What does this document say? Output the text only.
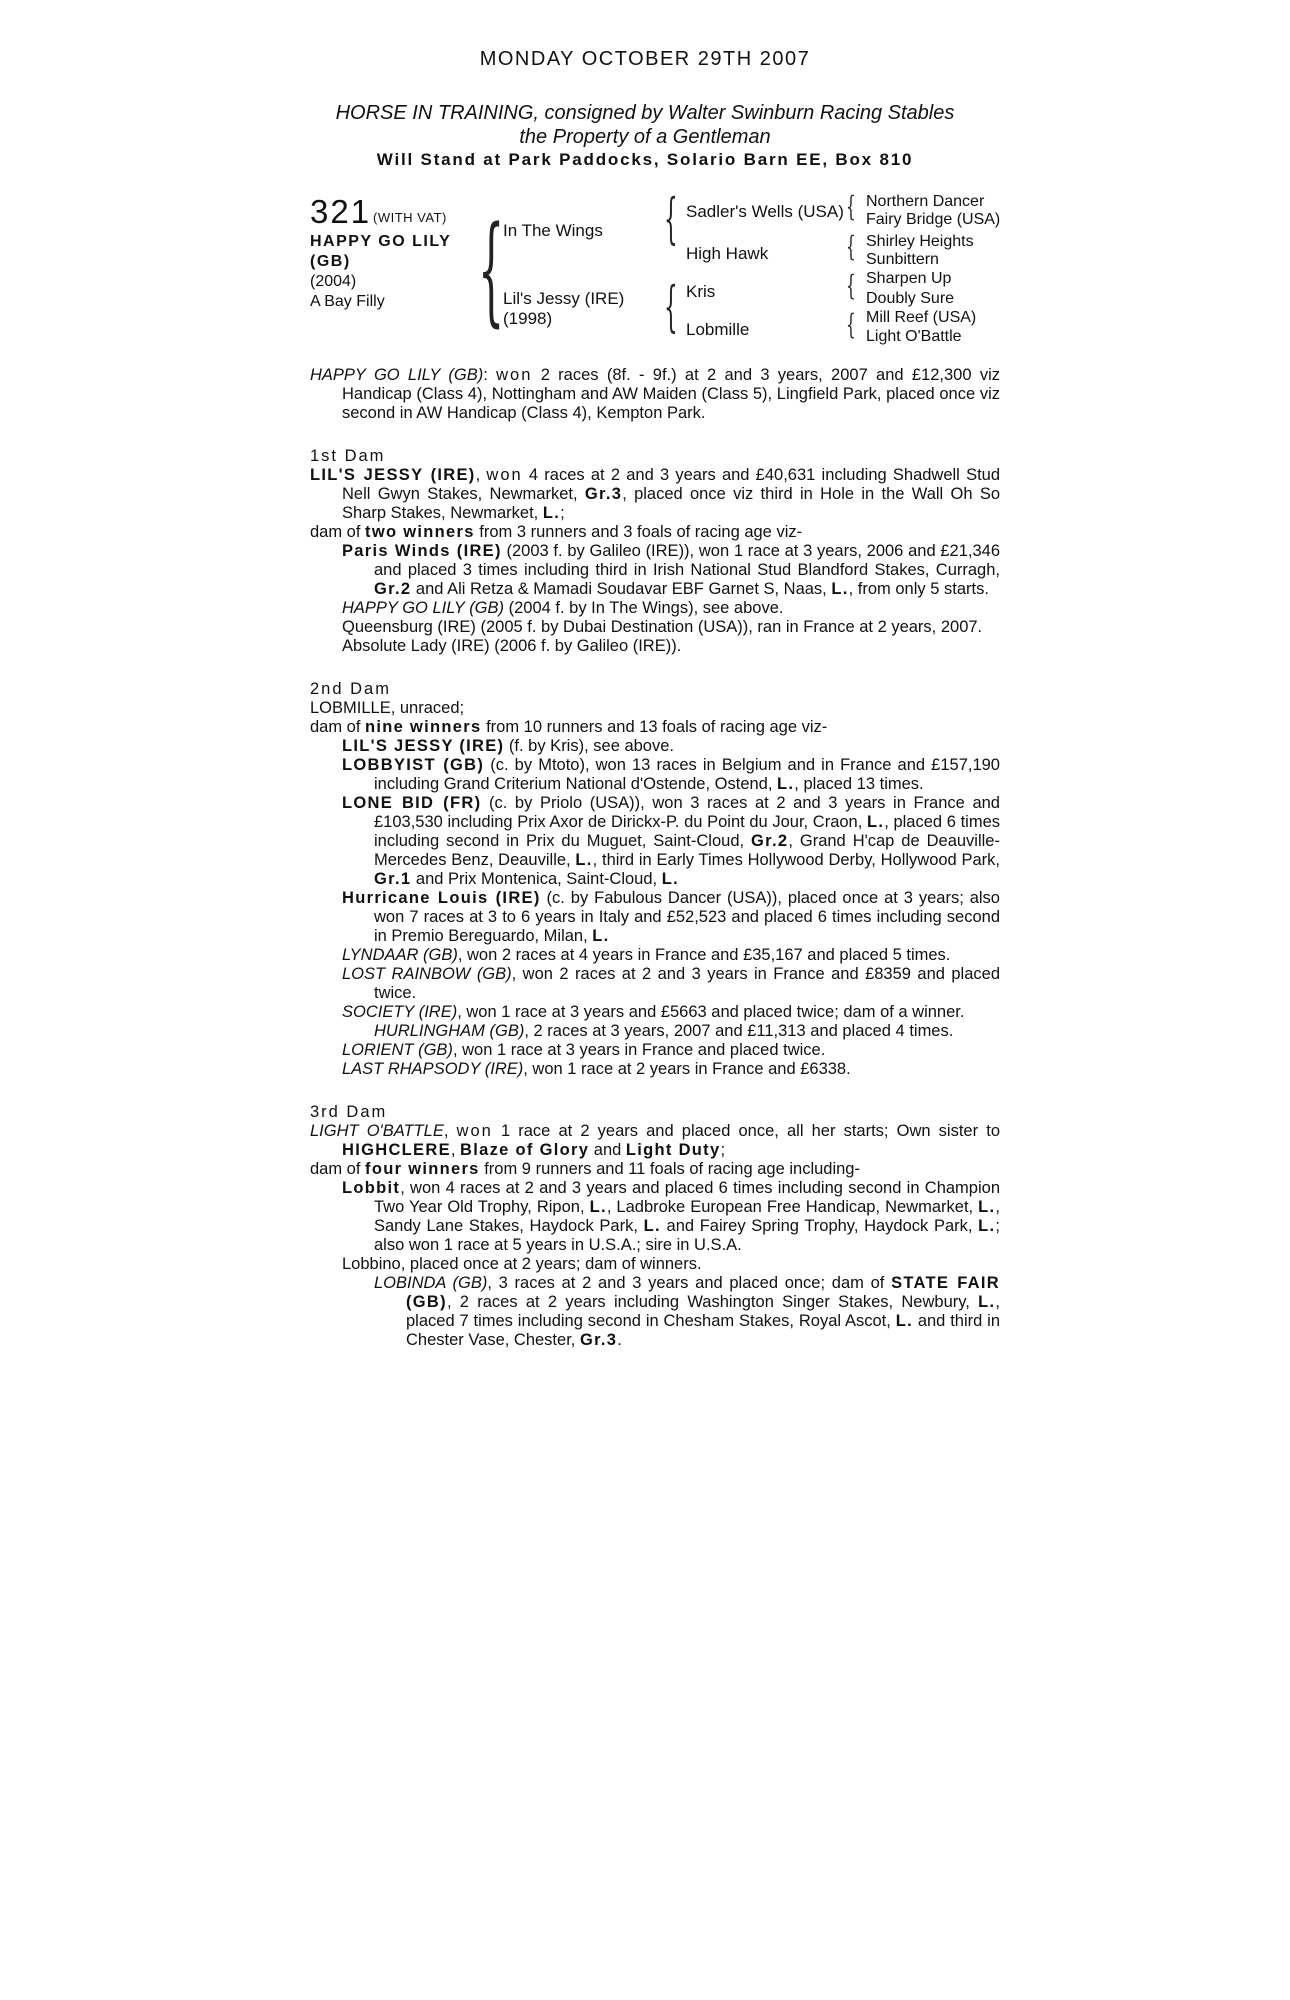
MONDAY OCTOBER 29TH 2007
HORSE IN TRAINING, consigned by Walter Swinburn Racing Stables
the Property of a Gentleman
Will Stand at Park Paddocks, Solario Barn EE, Box 810
321 (WITH VAT)
HAPPY GO LILY
(GB)
(2004)
A Bay Filly {
In The Wings
Lil's Jessy (IRE)
(1998)
{ Sadler's Wells (USA)
High Hawk
{ Kris
Lobmille
{ Northern Dancer
Fairy Bridge (USA)
{ Shirley Heights
Sunbittern
{ Sharpen Up
Doubly Sure
{ Mill Reef (USA)
Light O'Battle

HAPPY GO LILY (GB): won 2 races (8f. - 9f.) at 2 and 3 years, 2007 and £12,300 viz Handicap (Class 4), Nottingham and AW Maiden (Class 5), Lingfield Park, placed once viz second in AW Handicap (Class 4), Kempton Park.

1st Dam

LIL'S JESSY (IRE), won 4 races at 2 and 3 years and £40,631 including Shadwell Stud Nell Gwyn Stakes, Newmarket, Gr.3, placed once viz third in Hole in the Wall Oh So Sharp Stakes, Newmarket, L.;

dam of two winners from 3 runners and 3 foals of racing age viz-

Paris Winds (IRE) (2003 f. by Galileo (IRE)), won 1 race at 3 years, 2006 and £21,346 and placed 3 times including third in Irish National Stud Blandford Stakes, Curragh, Gr.2 and Ali Retza & Mamadi Soudavar EBF Garnet S, Naas, L., from only 5 starts.

HAPPY GO LILY (GB) (2004 f. by In The Wings), see above.

Queensburg (IRE) (2005 f. by Dubai Destination (USA)), ran in France at 2 years, 2007.

Absolute Lady (IRE) (2006 f. by Galileo (IRE)).

2nd Dam

LOBMILLE, unraced;

dam of nine winners from 10 runners and 13 foals of racing age viz-

LIL'S JESSY (IRE) (f. by Kris), see above.

LOBBYIST (GB) (c. by Mtoto), won 13 races in Belgium and in France and £157,190 including Grand Criterium National d'Ostende, Ostend, L., placed 13 times.

LONE BID (FR) (c. by Priolo (USA)), won 3 races at 2 and 3 years in France and £103,530 including Prix Axor de Dirickx-P. du Point du Jour, Craon, L., placed 6 times including second in Prix du Muguet, Saint-Cloud, Gr.2, Grand H'cap de Deauville-Mercedes Benz, Deauville, L., third in Early Times Hollywood Derby, Hollywood Park, Gr.1 and Prix Montenica, Saint-Cloud, L.

Hurricane Louis (IRE) (c. by Fabulous Dancer (USA)), placed once at 3 years; also won 7 races at 3 to 6 years in Italy and £52,523 and placed 6 times including second in Premio Bereguardo, Milan, L.

LYNDAAR (GB), won 2 races at 4 years in France and £35,167 and placed 5 times.

LOST RAINBOW (GB), won 2 races at 2 and 3 years in France and £8359 and placed twice.

SOCIETY (IRE), won 1 race at 3 years and £5663 and placed twice; dam of a winner.

HURLINGHAM (GB), 2 races at 3 years, 2007 and £11,313 and placed 4 times.

LORIENT (GB), won 1 race at 3 years in France and placed twice.

LAST RHAPSODY (IRE), won 1 race at 2 years in France and £6338.

3rd Dam

LIGHT O'BATTLE, won 1 race at 2 years and placed once, all her starts; Own sister to HIGHCLERE, Blaze of Glory and Light Duty;

dam of four winners from 9 runners and 11 foals of racing age including-

Lobbit, won 4 races at 2 and 3 years and placed 6 times including second in Champion Two Year Old Trophy, Ripon, L., Ladbroke European Free Handicap, Newmarket, L., Sandy Lane Stakes, Haydock Park, L. and Fairey Spring Trophy, Haydock Park, L.; also won 1 race at 5 years in U.S.A.; sire in U.S.A.

Lobbino, placed once at 2 years; dam of winners.

LOBINDA (GB), 3 races at 2 and 3 years and placed once; dam of STATE FAIR (GB), 2 races at 2 years including Washington Singer Stakes, Newbury, L., placed 7 times including second in Chesham Stakes, Royal Ascot, L. and third in Chester Vase, Chester, Gr.3.
